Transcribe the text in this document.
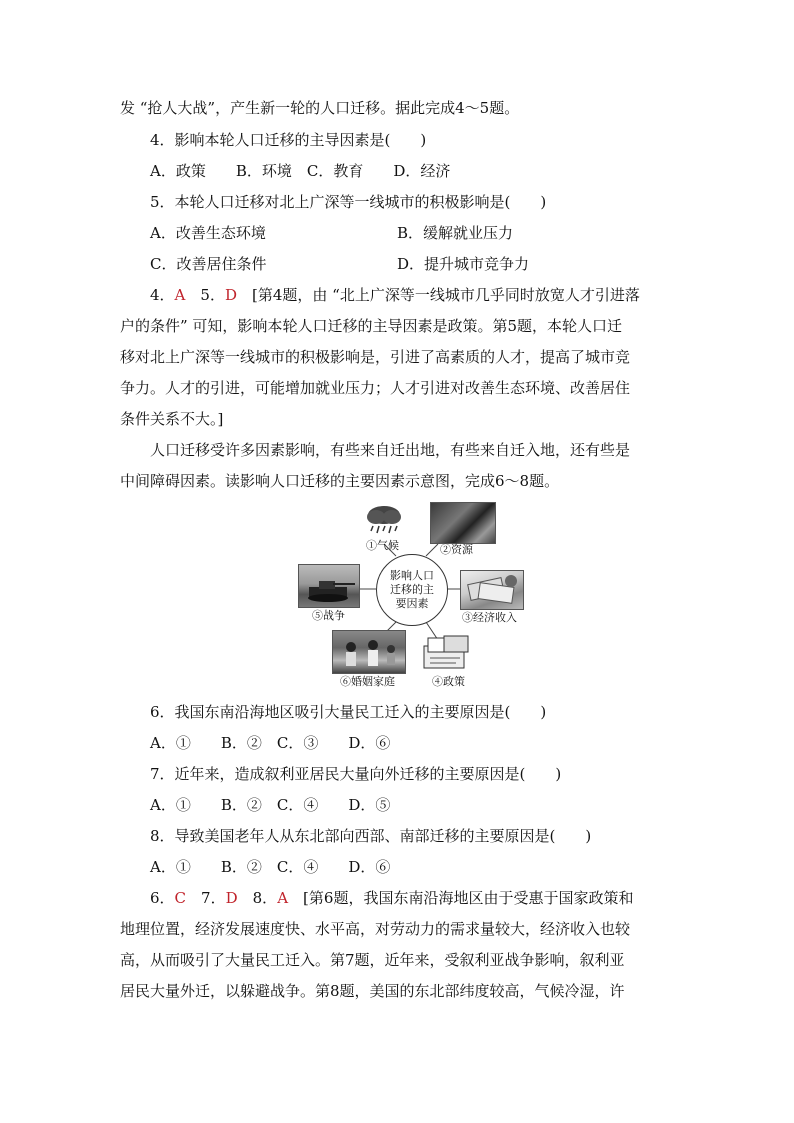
发 “抢人大战”，产生新一轮的人口迁移。据此完成4～5题。
4．影响本轮人口迁移的主导因素是(　　)
A．政策　　B．环境　C．教育　　D．经济
5．本轮人口迁移对北上广深等一线城市的积极影响是(　　)
A．改善生态环境	B．缓解就业压力
C．改善居住条件	D．提升城市竞争力
4．A　 5．D　 [第4题，由 “北上广深等一线城市几乎同时放宽人才引进落
户的条件” 可知，影响本轮人口迁移的主导因素是政策。第5题，本轮人口迁
移对北上广深等一线城市的积极影响是，引进了高素质的人才，提高了城市竞
争力。人才的引进，可能增加就业压力；人才引进对改善生态环境、改善居住
条件关系不大。]
人口迁移受许多因素影响，有些来自迁出地，有些来自迁入地，还有些是
中间障碍因素。读影响人口迁移的主要因素示意图，完成6～8题。
①气候	②资源
⑤战争
影响人口迁移的主要因素
③经济收入
⑥婚姻家庭	④政策
6．我国东南沿海地区吸引大量民工迁入的主要原因是(　　)
A．①　　B．②　C．③　　D．⑥
7．近年来，造成叙利亚居民大量向外迁移的主要原因是(　　)
A．①　　B．②　C．④　　D．⑤
8．导致美国老年人从东北部向西部、南部迁移的主要原因是(　　)
A．①　　B．②　C．④　　D．⑥
6．C　 7．D　 8．A　 [第6题，我国东南沿海地区由于受惠于国家政策和
地理位置，经济发展速度快、水平高，对劳动力的需求量较大，经济收入也较
高，从而吸引了大量民工迁入。第7题，近年来，受叙利亚战争影响，叙利亚
居民大量外迁，以躲避战争。第8题，美国的东北部纬度较高，气候冷湿，许
